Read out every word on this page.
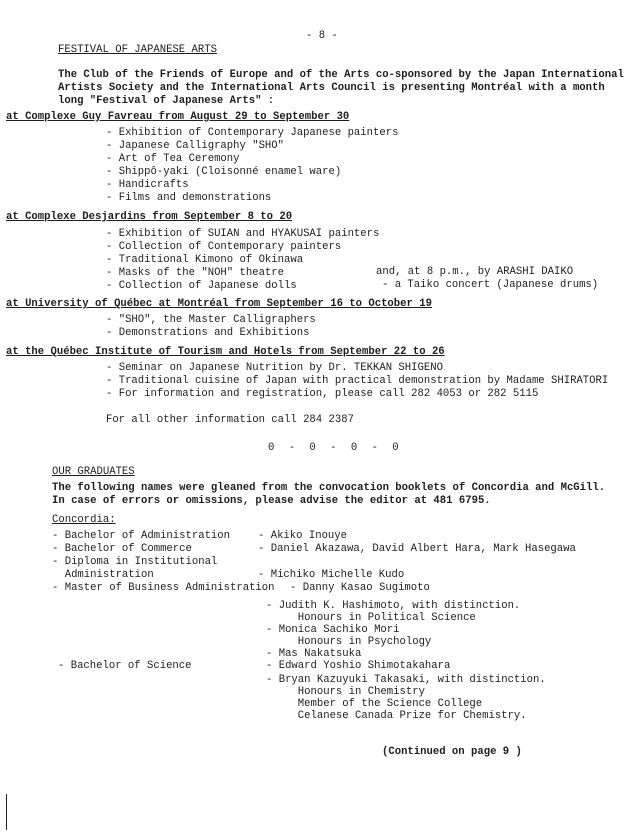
- 8 -
FESTIVAL OF JAPANESE ARTS
The Club of the Friends of Europe and of the Arts co-sponsored by the Japan International
Artists Society and the International Arts Council is presenting Montréal with a month
long "Festival of Japanese Arts" :
at Complexe Guy Favreau from August 29 to September 30
- Exhibition of Contemporary Japanese painters
- Japanese Calligraphy "SHO"
- Art of Tea Ceremony
- Shippô-yaki (Cloisonné enamel ware)
- Handicrafts
- Films and demonstrations
at Complexe Desjardins from September 8 to 20
- Exhibition of SUIAN and HYAKUSAI painters
- Collection of Contemporary painters
- Traditional Kimono of Okinawa
- Masks of the "NOH" theatre
- Collection of Japanese dolls
and, at 8 p.m., by ARASHI DAIKO
- a Taiko concert (Japanese drums)
at University of Québec at Montréal from September 16 to October 19
- "SHO", the Master Calligraphers
- Demonstrations and Exhibitions
at the Québec Institute of Tourism and Hotels from September 22 to 26
- Seminar on Japanese Nutrition by Dr. TEKKAN SHIGENO
- Traditional cuisine of Japan with practical demonstration by Madame SHIRATORI
- For information and registration, please call 282 4053 or 282 5115
For all other information call 284 2387
0 - 0 - 0 - 0
OUR GRADUATES
The following names were gleaned from the convocation booklets of Concordia and McGill.
In case of errors or omissions, please advise the editor at 481 6795.
Concordia:
- Bachelor of Administration
- Bachelor of Commerce
- Diploma in Institutional
Administration
- Master of Business Administration
- Akiko Inouye
- Daniel Akazawa, David Albert Hara, Mark Hasegawa
- Michiko Michelle Kudo
- Danny Kasao Sugimoto
- Bachelor of Science
- Judith K. Hashimoto, with distinction.
Honours in Political Science
- Monica Sachiko Mori
Honours in Psychology
- Mas Nakatsuka
- Edward Yoshio Shimotakahara
- Bryan Kazuyuki Takasaki, with distinction.
Honours in Chemistry
Member of the Science College
Celanese Canada Prize for Chemistry.
(Continued on page 9 )
